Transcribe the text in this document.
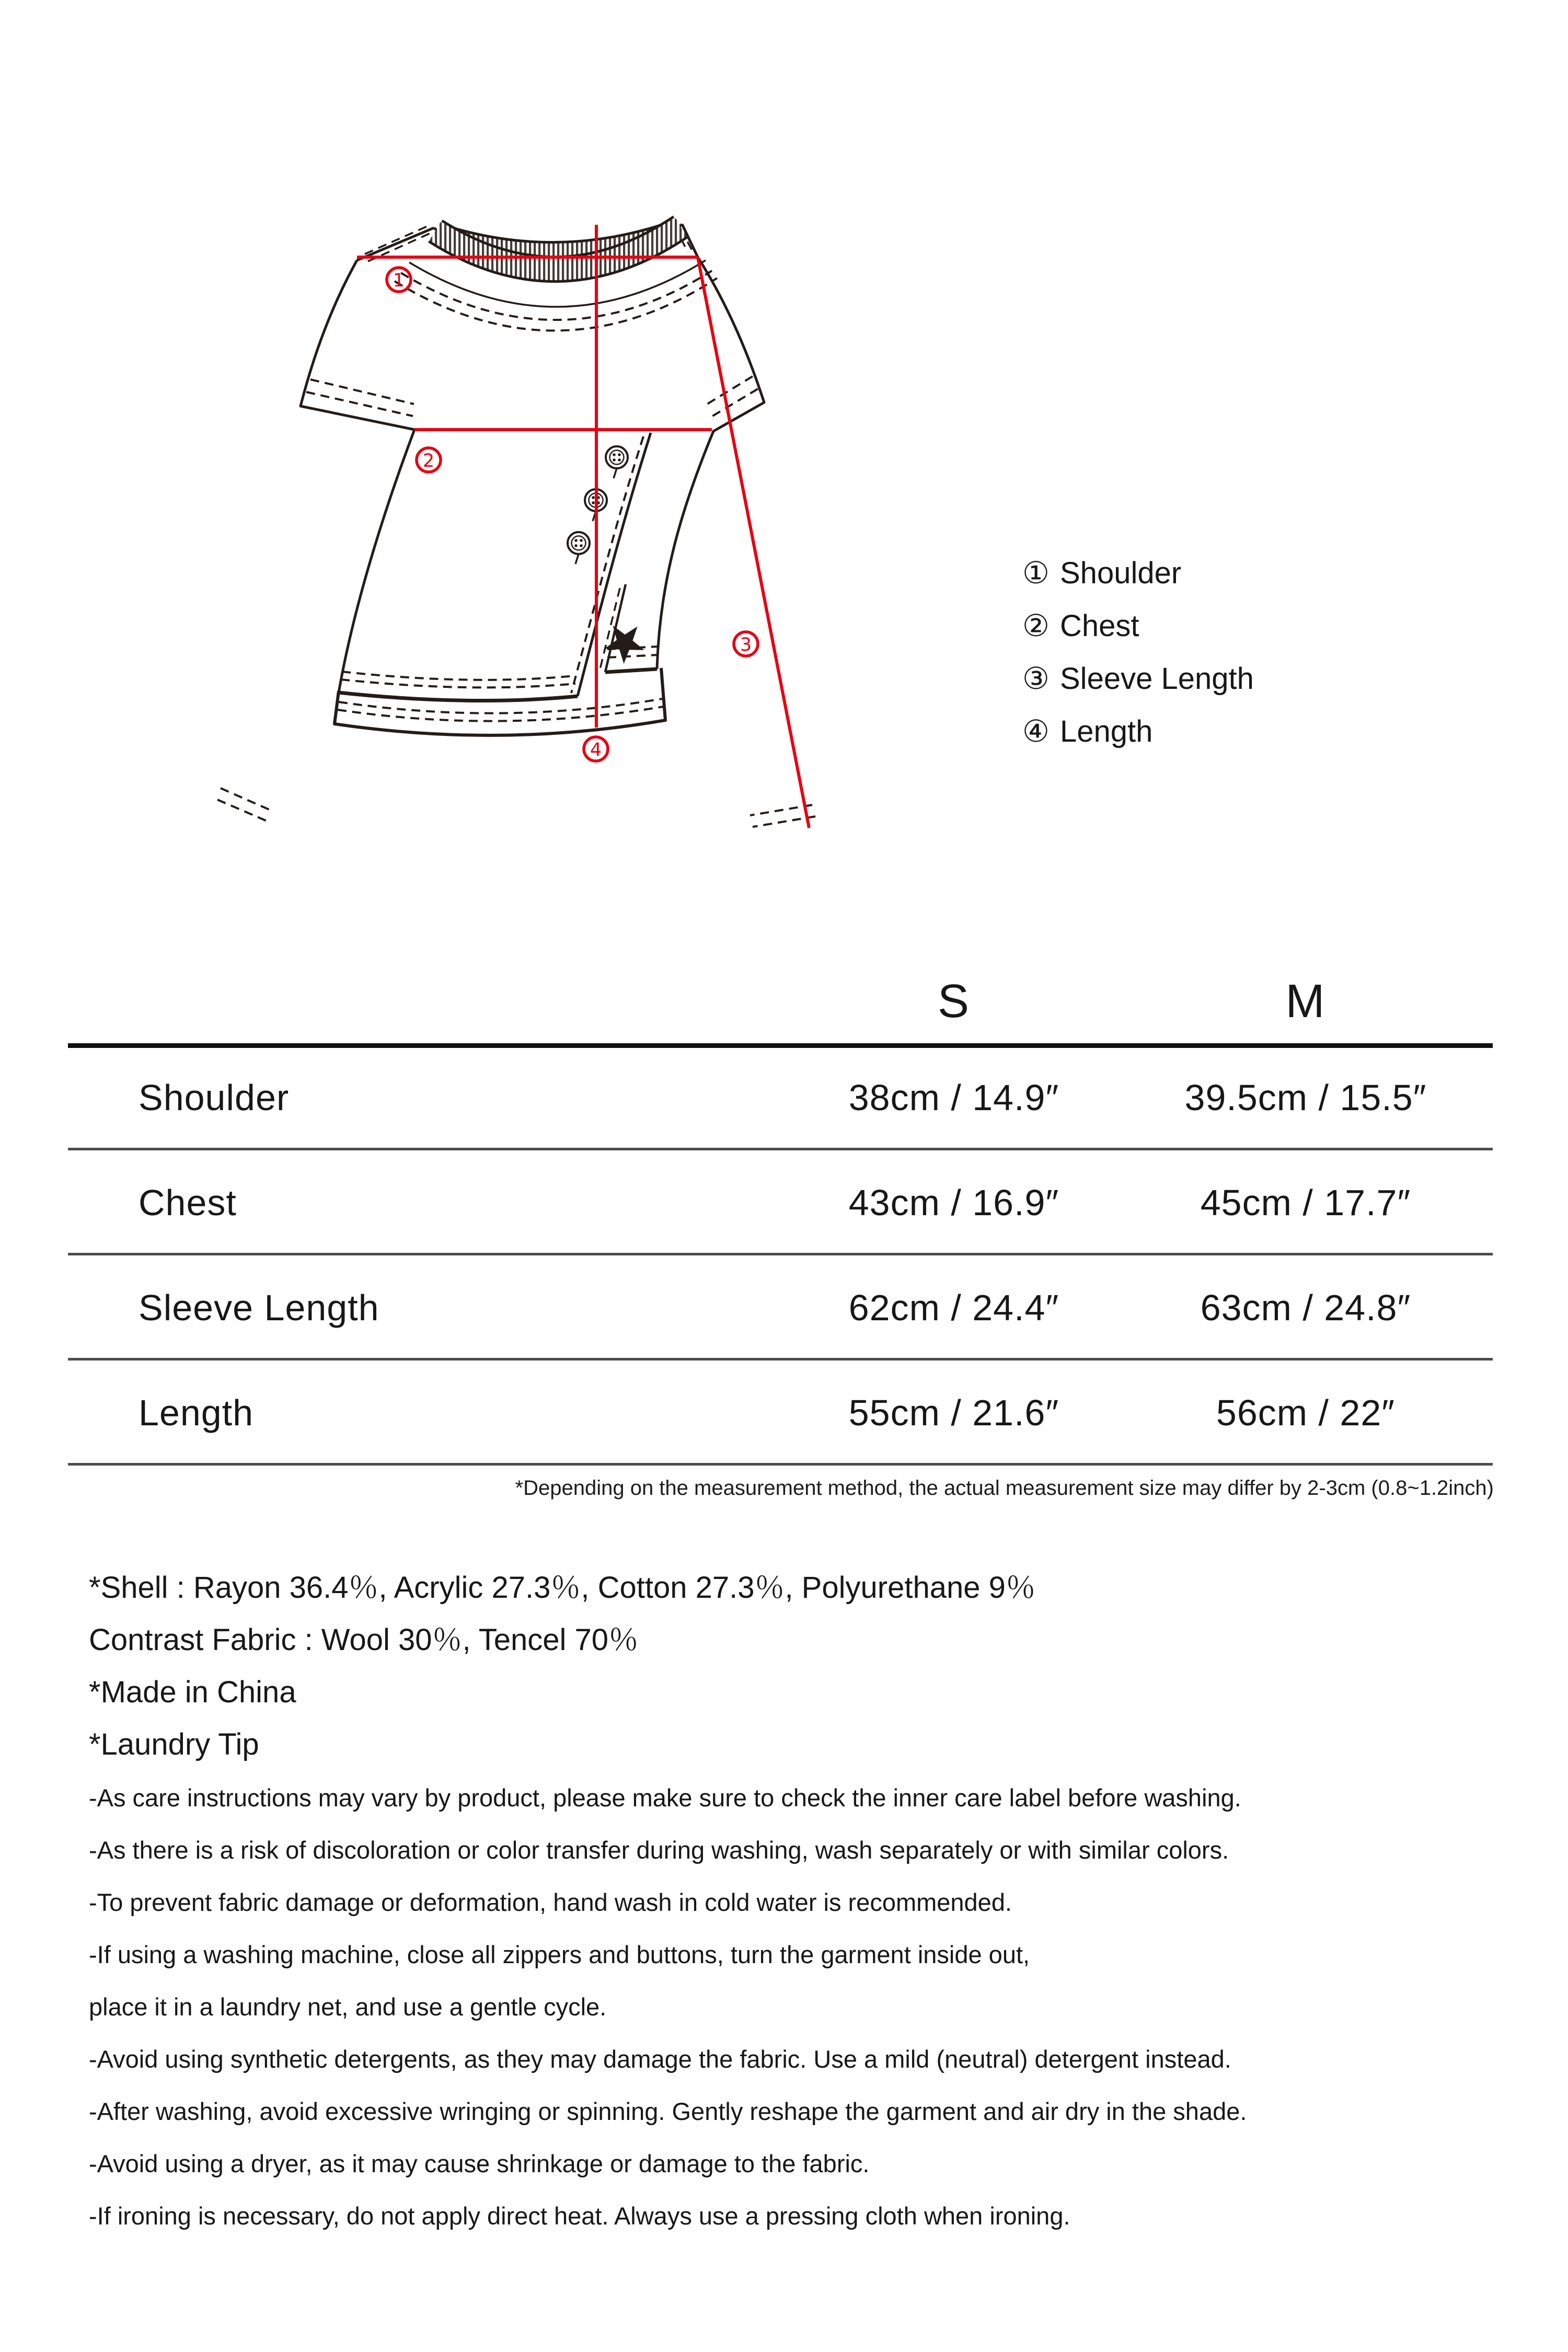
1
2
3
4
① Shoulder
② Chest
③ Sleeve Length
④ Length
S	M
Shoulder	38cm / 14.9″	39.5cm / 15.5″
Chest	43cm / 16.9″	45cm / 17.7″
Sleeve Length	62cm / 24.4″	63cm / 24.8″
Length	55cm / 21.6″	56cm / 22″
*Depending on the measurement method, the actual measurement size may differ by 2-3cm (0.8~1.2inch)
*Shell : Rayon 36.4％, Acrylic 27.3％, Cotton 27.3％, Polyurethane 9％
Contrast Fabric : Wool 30％, Tencel 70％
*Made in China
*Laundry Tip
-As care instructions may vary by product, please make sure to check the inner care label before washing.
-As there is a risk of discoloration or color transfer during washing, wash separately or with similar colors.
-To prevent fabric damage or deformation, hand wash in cold water is recommended.
-If using a washing machine, close all zippers and buttons, turn the garment inside out,
place it in a laundry net, and use a gentle cycle.
-Avoid using synthetic detergents, as they may damage the fabric. Use a mild (neutral) detergent instead.
-After washing, avoid excessive wringing or spinning. Gently reshape the garment and air dry in the shade.
-Avoid using a dryer, as it may cause shrinkage or damage to the fabric.
-If ironing is necessary, do not apply direct heat. Always use a pressing cloth when ironing.
